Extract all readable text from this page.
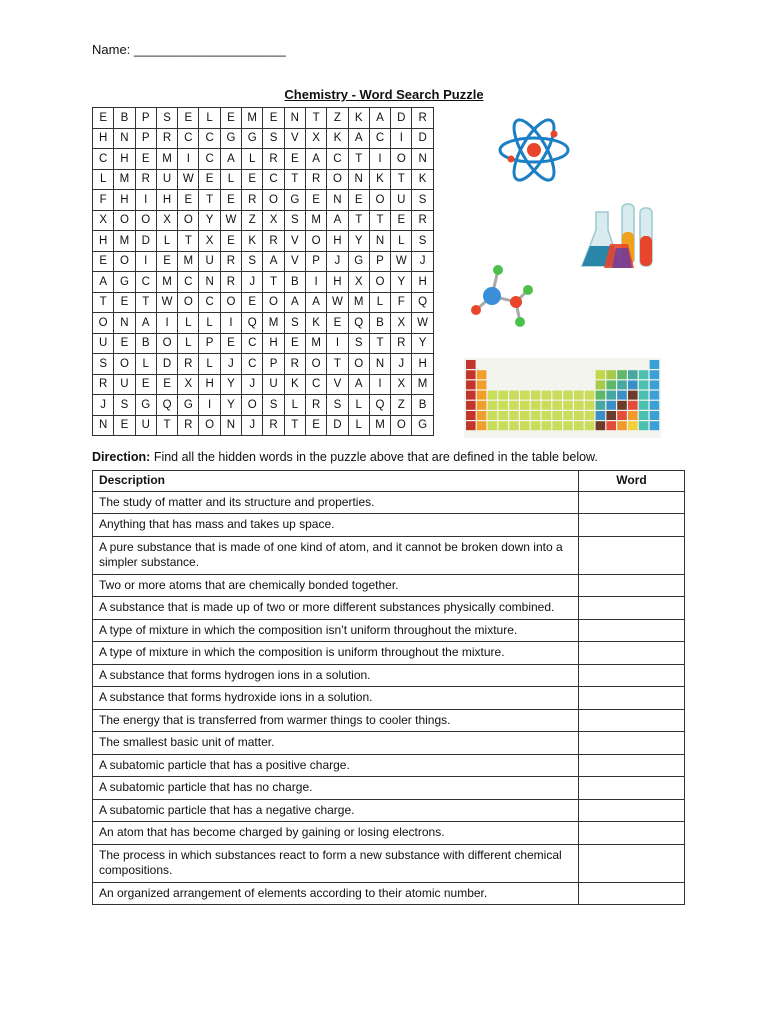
Name: _____________________
Chemistry - Word Search Puzzle
E	B	P	S	E	L	E	M	E	N	T	Z	K	A	D	R
H	N	P	R	C	C	G	G	S	V	X	K	A	C	I	D
C	H	E	M	I	C	A	L	R	E	A	C	T	I	O	N
L	M	R	U	W	E	L	E	C	T	R	O	N	K	T	K
F	H	I	H	E	T	E	R	O	G	E	N	E	O	U	S
X	O	O	X	O	Y	W	Z	X	S	M	A	T	T	E	R
H	M	D	L	T	X	E	K	R	V	O	H	Y	N	L	S
E	O	I	E	M	U	R	S	A	V	P	J	G	P	W	J
A	G	C	M	C	N	R	J	T	B	I	H	X	O	Y	H
T	E	T	W	O	C	O	E	O	A	A	W	M	L	F	Q
O	N	A	I	L	L	I	Q	M	S	K	E	Q	B	X	W
U	E	B	O	L	P	E	C	H	E	M	I	S	T	R	Y
S	O	L	D	R	L	J	C	P	R	O	T	O	N	J	H
R	U	E	E	X	H	Y	J	U	K	C	V	A	I	X	M
J	S	G	Q	G	I	Y	O	S	L	R	S	L	Q	Z	B
N	E	U	T	R	O	N	J	R	T	E	D	L	M	O	G
Direction: Find all the hidden words in the puzzle above that are defined in the table below.
Description	Word
The study of matter and its structure and properties.	
Anything that has mass and takes up space.	
A pure substance that is made of one kind of atom, and it cannot be broken down into a simpler substance.	
Two or more atoms that are chemically bonded together.	
A substance that is made up of two or more different substances physically combined.	
A type of mixture in which the composition isn’t uniform throughout the mixture.	
A type of mixture in which the composition is uniform throughout the mixture.	
A substance that forms hydrogen ions in a solution.	
A substance that forms hydroxide ions in a solution.	
The energy that is transferred from warmer things to cooler things.	
The smallest basic unit of matter.	
A subatomic particle that has a positive charge.	
A subatomic particle that has no charge.	
A subatomic particle that has a negative charge.	
An atom that has become charged by gaining or losing electrons.	
The process in which substances react to form a new substance with different chemical compositions.	
An organized arrangement of elements according to their atomic number.	
